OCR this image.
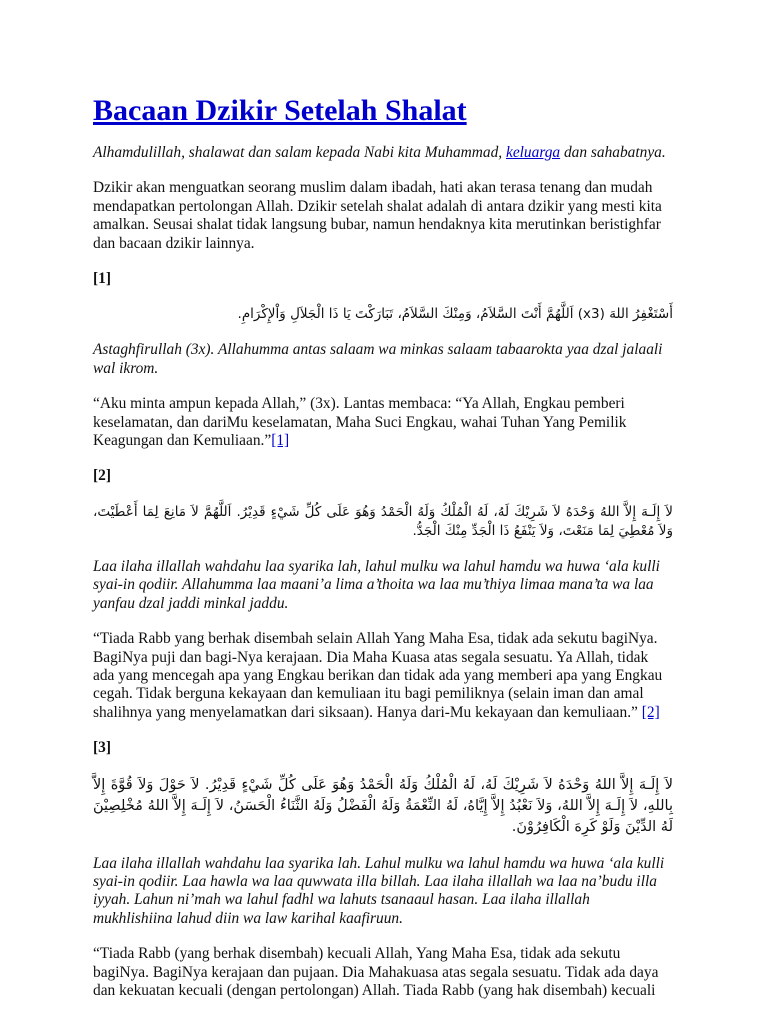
Bacaan Dzikir Setelah Shalat

Alhamdulillah, shalawat dan salam kepada Nabi kita Muhammad, keluarga dan sahabatnya.

Dzikir akan menguatkan seorang muslim dalam ibadah, hati akan terasa tenang dan mudah mendapatkan pertolongan Allah. Dzikir setelah shalat adalah di antara dzikir yang mesti kita amalkan. Seusai shalat tidak langsung bubar, namun hendaknya kita merutinkan beristighfar dan bacaan dzikir lainnya.

[1]

أَسْتَغْفِرُ اللهَ (x3) اَللَّهُمَّ أَنْتَ السَّلاَمُ، وَمِنْكَ السَّلاَمُ، تَبَارَكْتَ يَا ذَا الْجَلاَلِ وَاْلإِكْرَامِ.

Astaghfirullah (3x). Allahumma antas salaam wa minkas salaam tabaarokta yaa dzal jalaali wal ikrom.

“Aku minta ampun kepada Allah,” (3x). Lantas membaca: “Ya Allah, Engkau pemberi keselamatan, dan dariMu keselamatan, Maha Suci Engkau, wahai Tuhan Yang Pemilik Keagungan dan Kemuliaan.”[1]

[2]

لاَ إِلَـهَ إِلاَّ اللهُ وَحْدَهُ لاَ شَرِيْكَ لَهُ، لَهُ الْمُلْكُ وَلَهُ الْحَمْدُ وَهُوَ عَلَى كُلِّ شَيْءٍ قَدِيْرُ. اَللَّهُمَّ لاَ مَانِعَ لِمَا أَعْطَيْتَ، وَلاَ مُعْطِيَ لِمَا مَنَعْتَ، وَلاَ يَنْفَعُ ذَا الْجَدِّ مِنْكَ الْجَدُّ.

Laa ilaha illallah wahdahu laa syarika lah, lahul mulku wa lahul hamdu wa huwa ‘ala kulli syai-in qodiir. Allahumma laa maani’a lima a’thoita wa laa mu’thiya limaa mana’ta wa laa yanfau dzal jaddi minkal jaddu.

“Tiada Rabb yang berhak disembah selain Allah Yang Maha Esa, tidak ada sekutu bagiNya. BagiNya puji dan bagi-Nya kerajaan. Dia Maha Kuasa atas segala sesuatu. Ya Allah, tidak ada yang mencegah apa yang Engkau berikan dan tidak ada yang memberi apa yang Engkau cegah. Tidak berguna kekayaan dan kemuliaan itu bagi pemiliknya (selain iman dan amal shalihnya yang menyelamatkan dari siksaan). Hanya dari-Mu kekayaan dan kemuliaan.” [2]

[3]

لاَ إِلَـهَ إِلاَّ اللهُ وَحْدَهُ لاَ شَرِيْكَ لَهُ، لَهُ الْمُلْكُ وَلَهُ الْحَمْدُ وَهُوَ عَلَى كُلِّ شَيْءٍ قَدِيْرُ. لاَ حَوْلَ وَلاَ قُوَّةَ إِلاَّ بِاللهِ، لاَ إِلَـهَ إِلاَّ اللهُ، وَلاَ نَعْبُدُ إِلاَّ إِيَّاهُ، لَهُ النِّعْمَةُ وَلَهُ الْفَضْلُ وَلَهُ الثَّنَاءُ الْحَسَنُ، لاَ إِلَـهَ إِلاَّ اللهُ مُخْلِصِيْنَ لَهُ الدِّيْنَ وَلَوْ كَرِهَ الْكَافِرُوْنَ.

Laa ilaha illallah wahdahu laa syarika lah. Lahul mulku wa lahul hamdu wa huwa ‘ala kulli syai-in qodiir. Laa hawla wa laa quwwata illa billah. Laa ilaha illallah wa laa na’budu illa iyyah. Lahun ni’mah wa lahul fadhl wa lahuts tsanaaul hasan. Laa ilaha illallah mukhlishiina lahud diin wa law karihal kaafiruun.

“Tiada Rabb (yang berhak disembah) kecuali Allah, Yang Maha Esa, tidak ada sekutu bagiNya. BagiNya kerajaan dan pujaan. Dia Mahakuasa atas segala sesuatu. Tidak ada daya dan kekuatan kecuali (dengan pertolongan) Allah. Tiada Rabb (yang hak disembah) kecuali
